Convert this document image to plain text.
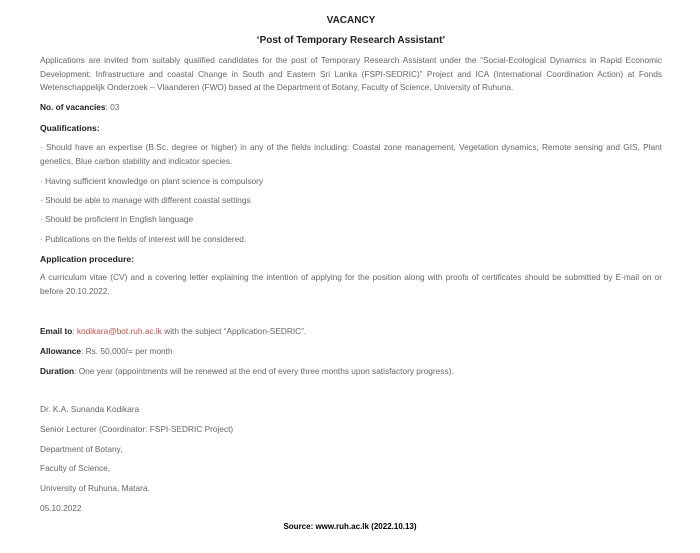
VACANCY
‘Post of Temporary Research Assistant’
Applications are invited from suitably qualified candidates for the post of Temporary Research Assistant under the “Social-Ecological Dynamics in Rapid Economic Development: Infrastructure and coastal Change in South and Eastern Sri Lanka (FSPI-SEDRIC)” Project and ICA (International Coordination Action) at Fonds Wetenschappelijk Onderzoek – Vlaanderen (FWO) based at the Department of Botany, Faculty of Science, University of Ruhuna.
No. of vacancies: 03
Qualifications:
· Should have an expertise (B.Sc. degree or higher) in any of the fields including: Coastal zone management, Vegetation dynamics, Remote sensing and GIS, Plant genetics, Blue carbon stability and indicator species.
· Having sufficient knowledge on plant science is compulsory
· Should be able to manage with different coastal settings
· Should be proficient in English language
· Publications on the fields of interest will be considered.
Application procedure:
A curriculum vitae (CV) and a covering letter explaining the intention of applying for the position along with proofs of certificates should be submitted by E-mail on or before 20.10.2022.
Email to: kodikara@bot.ruh.ac.lk with the subject “Application-SEDRIC”.
Allowance: Rs. 50,000/= per month
Duration: One year (appointments will be renewed at the end of every three months upon satisfactory progress).
Dr. K.A. Sunanda Kodikara
Senior Lecturer (Coordinator: FSPI-SEDRIC Project)
Department of Botany,
Faculty of Science,
University of Ruhuna, Matara.
05.10.2022
Source: www.ruh.ac.lk (2022.10.13)
